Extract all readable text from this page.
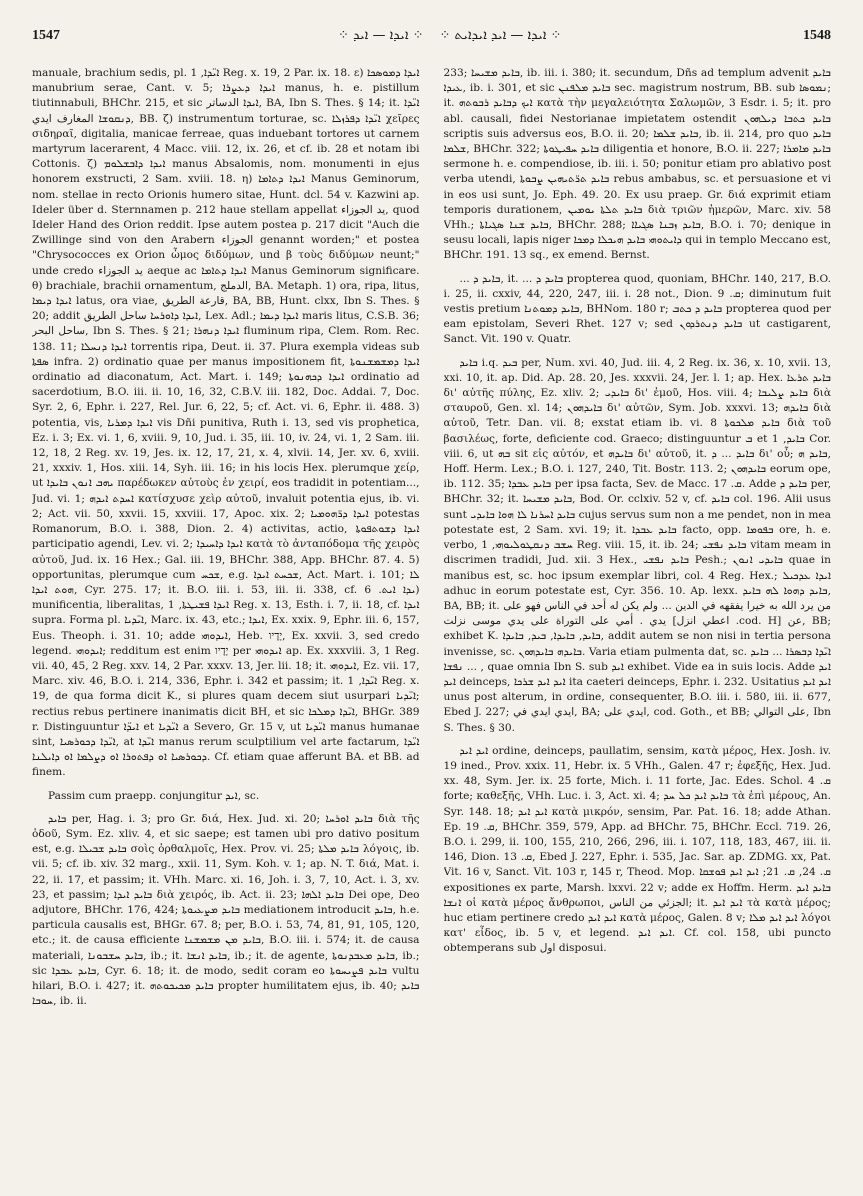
1547	⁘ ܐܝܕܐ — ܐܝܕ ⁘ ⁘ ܐܝܕܐ — ܐܝܕ ܐܝܕܐܝܬ ⁘	1548

manuale, brachium sedis, pl. ܐܝ̈ܕܐ, 1 Reg. x. 19, 2 Par. ix. 18. ε) ܐܝܕܐ ܕܡܘܣܟܐ manubrium serae, Cant. v. 5; ܐܝܕܐ ܕܥܨܪܐ manus, h. e. pistillum tiutinnabuli, BHChr. 215, et sic ܐܝܕܐ الدساتر, BA, Ibn S. Thes. § 14; it. ܐܝ̈ܕܐ ܕܢܩܘܫܐ المغارف ايدي, BB. ζ) instrumentum torturae, sc. ܐܝ̈ܕܐ ܕܦܪܙܠܐ χεῖρες σιδηραῖ, digitalia, manicae ferreae, quas induebant tortores ut carnem martyrum lacerarent, 4 Macc. viii. 12, ix. 26, et cf. ib. 28 et notam ibi Cottonis. ζ) ܐܝܕܐ ܕܐܒܫܠܘܡ manus Absalomis, nom. monumenti in ejus honorem exstructi, 2 Sam. xviii. 18. η) ܐܝܕܐ ܕܬܐܡܐ Manus Geminorum, nom. stellae in recto Orionis humero sitae, Hunt. dcl. 54 v. Kazwini ap. Ideler über d. Sternnamen p. 212 haue stellam appellat يد الجوزاء, quod Ideler Hand des Orion reddit. Ipse autem postea p. 217 dicit "Auch die Zwillinge sind von den Arabern الجوزاء genannt worden;" et postea "Chrysococces ex Orion ὦμος διδύμων, und β τοὺς διδύμων neunt;" unde credo يد الجوزاء aeque ac ܐܝܕܐ ܕܬܐܡܐ Manus Geminorum significare. θ) brachiale, brachii ornamentum, الدملج, BA. Metaph. 1) ora, ripa, litus, ܐܝܕܐ ܕܝܡܐ latus, ora viae, قارعة الطريق, BA, BB, Hunt. clxx, Ibn S. Thes. § 20; addit ܐܝܕܐ ܕܐܘܪܚܐ ساحل الطريق, Lex. Adl.; ܐܝܕܐ ܕܝܡܐ maris litus, C.S.B. 36; ساحل البحر, Ibn S. Thes. § 21; ܐܝܕܐ ܕܢܗܪܐ fluminum ripa, Clem. Rom. Rec. 138. 11; ܐܝܕܐ ܕܢܚܠܐ torrentis ripa, Deut. ii. 37. Plura exempla videas sub ܣܦܬܐ infra. 2) ordinatio quae per manus impositionem fit, ܐܝܕܐ ܕܡܫܡܫܢܘܬܐ ordinatio ad diaconatum, Act. Mart. i. 149; ܐܝܕܐ ܕܟܗܢܘܬܐ ordinatio ad sacerdotium, B.O. iii. ii. 10, 16, 32, C.B.V. iii. 182, Doc. Addai. 7, Doc. Syr. 2, 6, Ephr. i. 227, Rel. Jur. 6, 22, 5; cf. Act. vi. 6, Ephr. ii. 488. 3) potentia, vis, ܐܝܕܐ ܕܡܪܝܐ vis Dñi punitiva, Ruth i. 13, sed vis prophetica, Ez. i. 3; Ex. vi. 1, 6, xviii. 9, 10, Jud. i. 35, iii. 10, iv. 24, vi. 1, 2 Sam. iii. 12, 18, 2 Reg. xv. 19, Jes. ix. 12, 17, 21, x. 4, xlvii. 14, Jer. xv. 6, xviii. 21, xxxiv. 1, Hos. xiii. 14, Syh. iii. 16; in his locis Hex. plerumque χείρ, ut ܝܗܒ ܐܢܘܢ ܒܐܝܕܐ παρέδωκεν αὐτοὺς ἐν χειρί, eos tradidit in potentiam..., Jud. vi. 1; ܐܚܕܬ ܐܝܕܗ κατίσχυσε χεὶρ αὐτοῦ, invaluit potentia ejus, ib. vi. 2; Act. vii. 50, xxvii. 15, xxviii. 17, Apoc. xix. 2; ܐܝܕܐ ܕܪ̈ܗܘܡܝܐ potestas Romanorum, B.O. i. 388, Dion. 2. 4) activitas, actio, ܐܝܕܐ ܕܫܘܬܦܘܬܐ participatio agendi, Lev. vi. 2; ܐܝܕܐ ܕܐܚܝܕܐ κατὰ τὸ ἀνταπόδομα τῆς χειρὸς αὐτοῦ, Jud. ix. 16 Hex.; Gal. iii. 19, BHChr. 388, App. BHChr. 87. 4. 5) opportunitas, plerumque cum ܫܟܚ, e.g. ܫܟܚܬ ܐܝܕܐ, Act. Mart. i. 101; ܠܐ ܗܘܬ ܐܝܕܐ, Cyr. 275. 17; it. B.O. iii. i. 53, iii. ii. 338, cf. ܝܕܐ ܐܝܬ. 6) munificentia, liberalitas, ܐܝܕܐ ܦܫܝܛܬܐ, 1 Reg. x. 13, Esth. i. 7, ii. 18, cf. ܐܝܕܐ supra. Forma pl. ܐܝ̈ܕܝܐ, Marc. ix. 43, etc.; ܐܝܕܐ, Ex. xxix. 9, Ephr. iii. 6, 157, Eus. Theoph. i. 31. 10; adde ܐܝܕܘܗܝ, Heb. יָדָיו, Ex. xxvii. 3, sed credo legend. ܐܝܕܘܗܝ; redditum est enim יָדָיו per ܐܝܕܘܗܝ ap. Ex. xxxviii. 3, 1 Reg. vii. 40, 45, 2 Reg. xxv. 14, 2 Par. xxxv. 13, Jer. lii. 18; it. ܐܝܕܘܗܝ, Ez. vii. 17, Marc. xiv. 46, B.O. i. 214, 336, Ephr. i. 342 et passim; it. ܐܝ̈ܕܐ, 1 Reg. x. 19, de qua forma dicit K., si plures quam decem siut usurpari ܐܝ̈ܕܝܐ; rectius rebus pertinere inanimatis dicit BH, et sic ܐܝ̈ܕܐ ܕܡܠܟܐ, BHGr. 389 r. Distinguuntur ܐܝܕ̈ܐ et ܐܝ̈ܕܝܐ a Severo, Gr. 15 v, ut ܐܝ̈ܕܝܐ manus humanae sint, ܐܝ̈ܕܐ ܕܟܘܪܣܝܐ, at ܐܝ̈ܕܐ manus rerum sculptilium vel arte factarum, ܐܝ̈ܕܐ ܕܟܘܪܣܝܐ ܐܘ ܕܦܬܘܪܐ ܐܘ ܕܨܠܡܐ ܐܘ ܕܐܝܠܢܐ. Cf. etiam quae afferunt BA. et BB. ad finem.

Passim cum praepp. conjungitur ܐܝܕ, sc.

ܒܐܝܕ per, Hag. i. 3; pro Gr. διά, Hex. Jud. xi. 20; ܒܐܝܕ ܐܘܪܚܐ διὰ τῆς ὁδοῦ, Sym. Ez. xliv. 4, et sic saepe; est tamen ubi pro dativo positum est, e.g. ܒܐܝܕ ܫܒܝܠܐ σοὶς ὀρθαλμοῖς, Hex. Prov. vi. 25; ܒܐܝܕ ܡܠܬܐ λόγοις, ib. vii. 5; cf. ib. xiv. 32 marg., xxii. 11, Sym. Koh. v. 1; ap. N. T. διά, Mat. i. 22, ii. 17, et passim; it. VHh. Marc. xi. 16, Joh. i. 3, 7, 10, Act. i. 3, xv. 23, et passim; ܒܐܝܕ ܐܝܕܐ διὰ χειρός, ib. Act. ii. 23; ܒܐܝܕ ܐܠܗܐ Dei ope, Deo adjutore, BHChr. 176, 424; ܒܐܝܕ ܡܨܥܝܘܬܐ mediationem introducit ܒܐܝܕ, h.e. particula causalis est, BHGr. 67. 8; per, B.O. i. 53, 74, 81, 91, 105, 120, etc.; it. de causa efficiente ܒܐܝܕ ܡܢ ܡܫܡܫܢܐ, B.O. iii. i. 574; it. de causa materiali, ܒܐܝܕ ܚܫܒܘܢܐ, ib.; it. ܒܐܝܕ ܐܢܫܐ, ib.; it. de agente, ܒܐܝܕ ܡܥܒܕܢܘܬܐ, ib.; sic ܒܐܝܕ ܥܒܕܐ, Cyr. 6. 18; it. de modo, sedit coram eo ܒܐܝܕ ܦܨܝܚܘܬܐ vultu hilari, B.O. i. 427; it. ܒܐܝܕ ܡܟܝܟܘܬܗ propter humilitatem ejus, ib. 40; ܒܐܝܕ ܚܘܒܐ, ib. ii.

233; ܒܐܝܕ ܡܫܝܚܐ, ib. iii. i. 380; it. secundum, Dñs ad templum advenit ܒܐܝܕ ܥܝܕܐ, ib. i. 301, et sic ܒܐܝܕ ܡܠܦܢܢ sec. magistrum nostrum, BB. sub ܢܡܘܣܐ; it. ܐܝܟ ܕܒܐܝܕ ܪܒܘܬܗ κατὰ τὴν μεγαλειότητα Σαλωμῶν, 3 Esdr. i. 5; it. pro abl. causali, fidei Nestorianae impietatem ostendit ܒܐܝܕ ܟܬܒܐ ܕܝܠܗܘܢ scriptis suis adversus eos, B.O. ii. 20; ܒܐܝܕ ܫܠܡܐ, ib. ii. 214, pro quo ܒܐܝܕ ܫܠܡܐ, BHChr. 322; ܒܐܝܕ ܚܦܝܛܘܬܐ diligentia et honore, B.O. ii. 227; ܒܐܝܕ ܡܐܡܪܐ sermone h. e. compendiose, ib. iii. i. 50; ponitur etiam pro ablativo post verba utendi, ܒܐܝܕ ܬܪ̈ܬܝܗܝܢ ܨܒܘܬܐ rebus ambabus, sc. et persuasione et vi in eos usi sunt, Jo. Eph. 49. 20. Ex usu praep. Gr. διά exprimit etiam temporis durationem, ܒܐܝܕ ܬܠܬܐ ܝܘܡܝܢ διὰ τριῶν ἡμερῶν, Marc. xiv. 58 VHh.; ܒܐܝܕ ܫܢܐ ܣܓܝܐܬܐ, BHChr. 288; ܒܐܝܕ ܙܒܢܐ ܣܓܝܐܐ, B.O. i. 70; denique in seusu locali, lapis niger ܕܐܝܬܘܗܝ ܒܐܝܕ ܗܝܟܠܐ ܕܡܟܐ qui in templo Meccano est, BHChr. 191. 13 sq., ex emend. Bernst.

... ܒܐܝܕ ܕ, it. ... ܒܐܝܕ ܕ propterea quod, quoniam, BHChr. 140, 217, B.O. i. 25, ii. cxxiv, 44, 220, 247, iii. i. 28 not., Dion. ܩ. 9; diminutum fuit vestis pretium ܒܐܝܕ ܕܡܘܬܢܐ, BHNom. 180 r; ܒܐܝܕ ܕ ܟܬܒ propterea quod per eam epistolam, Severi Rhet. 127 v; sed ܒܐܝܕ ܕܢܬܪܕܘܢ ut castigarent, Sanct. Vit. 190 v. Quatr.

ܒܐܝܕ i.q. ܒܝܕ per, Num. xvi. 40, Jud. iii. 4, 2 Reg. ix. 36, x. 10, xvii. 13, xxi. 10, it. ap. Did. Ap. 28. 20, Jes. xxxvii. 24, Jer. l. 1; ap. Hex. ܒܐܝܕ ܬܪܥܐ δι' αὐτῆς πύλης, Ez. xliv. 2; ܒܐܝܕܝ δι' ἐμοῦ, Hos. viii. 4; ܒܐܝܕ ܨܠܝܒܐ διὰ σταυροῦ, Gen. xl. 14; ܒܐܝܕܗܘܢ δι' αὐτῶν, Sym. Job. xxxvi. 13; ܒܐܝܕܗ διὰ αὐτοῦ, Tetr. Dan. vii. 8; exstat etiam ib. vi. 8 ܒܐܝܕ ܡܠܟܘܬܐ διὰ τοῦ βασιλέως, forte, deficiente cod. Graeco; distinguuntur ܒ et ܒܐܝܕ, 1 Cor. viii. 6, ut ܒܗ sit εἰς αὐτόν, et ܒܐܝܕܗ δι' αὐτοῦ, it. ܒܐܝܕ ... ܕ δι' οὗ; ܒܐܝܕ ܗ, Hoff. Herm. Lex.; B.O. i. 127, 240, Tit. Bostr. 113. 2; ܒܐܝܕܗܘܢ eorum ope, ib. 112. 35; ܒܐܝܕ ܥܒܕܐ per ipsa facta, Sev. de Macc. ܩ. 17. Adde ܒܐܝܕ ܕ per, BHChr. 32; it. ܒܐܝܕ ܡܫܝܚܐ, Bod. Or. cclxiv. 52 v, cf. ܒܐܝܕ col. 196. Alii usus sunt ܒܐܝܕ ܐܚܪܢܐ ܠܐ ܗܘܐ ܒܐܝܕܝ cujus servus sum non a me pendet, non in mea potestate est, 2 Sam. xvi. 19; it. ܒܐܝܕ ܥܒܕܐ facto, opp. ܒܦܘܡܐ ore, h. e. verbo, ܚܫܒ ܕܢܩܛܘܠܝܘܗܝ, 1 Reg. viii. 15, it. ib. 24; ܒܐܝܕ ܢܦܫܝ vitam meam in discrimen tradidi, Jud. xii. 3 Hex., ܒܐܝܕ ܢܦܫܝ Pesh.; ܒܐܝܕܝ ܐܢܘܢ quae in manibus est, sc. hoc ipsum exemplar libri, col. 4 Reg. Hex.; ܐܝܕܐ ܥܕܟܝܠ adhuc in eorum potestate est, Cyr. 356. 10. Ap. lexx. ܒܐܝܕ ܕܗܘܐ ܠܗ ܒܐܝܕ, BA, BB; it. من يرد الله به خيرا يفقهه في الدين ... ولم يكن له أحد في الناس فهو على يدي . أمي على التوراة على يدي موسى نزلت [اعطي انزل .cod. H] عن, BB; exhibet K. ܒܐܝܕ, ܒܐܝܕܐ, ܒܝܕ, ܒܐܝܕܐ, addit autem se non nisi in tertia persona invenisse, sc. ܒܐܝܕܗ ܒܐܝܕܗܘܢ. Varia etiam pulmenta dat, sc. ܐܝ̈ܕܐ ܕܒܣܪܐ ... ܒܐܝܕ ܢܦܫܐ ... , quae omnia Ibn S. sub ܐܝܕ exhibet. Vide ea in suis locis. Adde ܐܝܕ ܐܝܕ deinceps, ܐܝܕ ܐܝܕ ܫܪܟܐ ita caeteri deinceps, Ephr. i. 232. Usitatius ܐܝܕ ܐܝܕ unus post alterum, in ordine, consequenter, B.O. iii. i. 580, iii. ii. 677, Ebed J. 227; ايدي ايدي في, BA; ايدي على, cod. Goth., et BB; على التوالي, Ibn S. Thes. § 30.

ܐܝܕ ܐܝܕ ordine, deinceps, paullatim, sensim, κατὰ μέρος, Hex. Josh. iv. 19 ined., Prov. xxix. 11, Hebr. ix. 5 VHh., Galen. 47 r; ἐφεξῆς, Hex. Jud. xx. 48, Sym. Jer. ix. 25 forte, Mich. i. 11 forte, Jac. Edes. Schol. ܩ. 4 forte; καθεξῆς, VHh. Luc. i. 3, Act. xi. 4; ܒܐܝܕ ܐܝܕ ܟܠ ܚܕ τὰ ἐπὶ μέρους, An. Syr. 148. 18; ܐܝܕ ܐܝܕ κατὰ μικρόν, sensim, Par. Pat. 16. 18; adde Athan. Ep. ܩ. 19, BHChr. 359, 579, App. ad BHChr. 75, BHChr. Eccl. 719. 26, B.O. i. 299, ii. 100, 155, 210, 266, 296, iii. i. 107, 118, 183, 467, iii. ii. 146, Dion. ܩ. 13, Ebed J. 227, Ephr. i. 535, Jac. Sar. ap. ZDMG. xx, Pat. Vit. 16 v, Sanct. Vit. 103 r, 145 r, Theod. Mop. ܩ. 24, ܩ. 21; ܐܝܕ ܐܝܕ ܦܘܫܩܐ expositiones ex parte, Marsh. lxxvi. 22 v; adde ex Hoffm. Herm. ܒܐܝܕ ܐܝܕ ܐܢܫܐ οἱ κατὰ μέρος ἄνθρωποι, الجزئي من الناس; it. ܐܝܕ ܐܝܕ τὰ κατὰ μέρος; huc etiam pertinere credo ܐܝܕ ܐܝܕ κατὰ μέρος, Galen. 8 v; ܐܝܕ ܐܝܕ ܡܠܐ λόγοι κατ' εἶδος, ib. 5 v, et legend. ܐܝܕ ܐܝܕ. Cf. col. 158, ubi puncto obtemperans sub اول disposui.
